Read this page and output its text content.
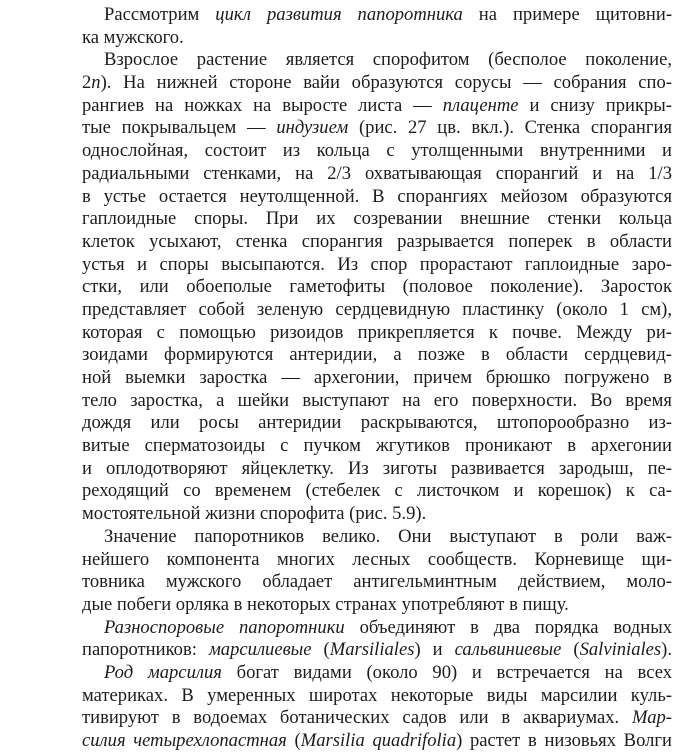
Рассмотрим цикл развития папоротника на примере щитовни-
ка мужского.
Взрослое растение является спорофитом (бесполое поколение,
2n). На нижней стороне вайи образуются сорусы — собрания спо-
рангиев на ножках на выросте листа — плаценте и снизу прикры-
тые покрывальцем — индузием (рис. 27 цв. вкл.). Стенка спорангия
однослойная, состоит из кольца с утолщенными внутренними и
радиальными стенками, на 2/3 охватывающая спорангий и на 1/3
в устье остается неутолщенной. В спорангиях мейозом образуются
гаплоидные споры. При их созревании внешние стенки кольца
клеток усыхают, стенка спорангия разрывается поперек в области
устья и споры высыпаются. Из спор прорастают гаплоидные заро-
стки, или обоеполые гаметофиты (половое поколение). Заросток
представляет собой зеленую сердцевидную пластинку (около 1 см),
которая с помощью ризоидов прикрепляется к почве. Между ри-
зоидами формируются антеридии, а позже в области сердцевид-
ной выемки заростка — архегонии, причем брюшко погружено в
тело заростка, а шейки выступают на его поверхности. Во время
дождя или росы антеридии раскрываются, штопорообразно из-
витые сперматозоиды с пучком жгутиков проникают в архегонии
и оплодотворяют яйцеклетку. Из зиготы развивается зародыш, пе-
реходящий со временем (стебелек с листочком и корешок) к са-
мостоятельной жизни спорофита (рис. 5.9).
Значение папоротников велико. Они выступают в роли важ-
нейшего компонента многих лесных сообществ. Корневище щи-
товника мужского обладает антигельминтным действием, моло-
дые побеги орляка в некоторых странах употребляют в пищу.
Разноспоровые папоротники объединяют в два порядка водных
папоротников: марсилиевые (Marsiliales) и сальвиниевые (Salviniales).
Род марсилия богат видами (около 90) и встречается на всех
материках. В умеренных широтах некоторые виды марсилии куль-
тивируют в водоемах ботанических садов или в аквариумах. Мар-
силия четырехлопастная (Marsilia quadrifolia) растет в низовьях Волги
